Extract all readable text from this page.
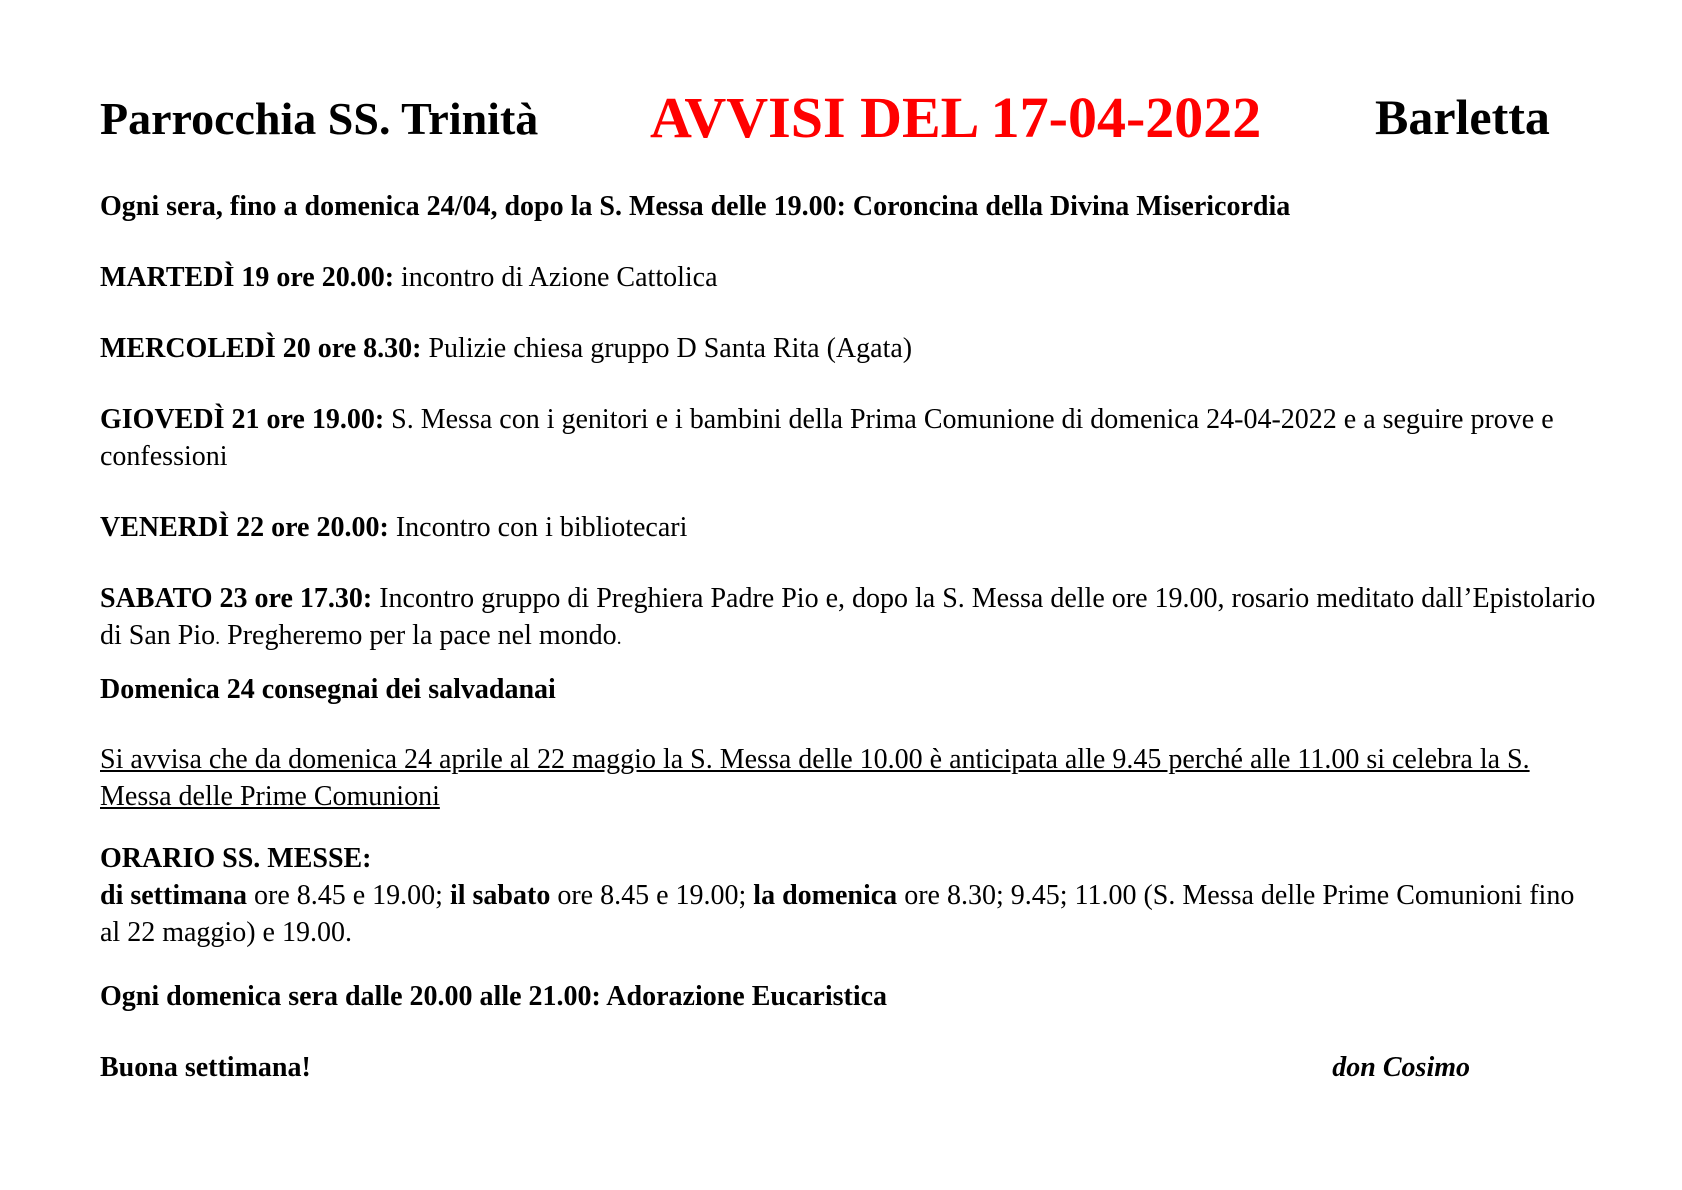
Parrocchia SS. Trinità AVVISI DEL 17-04-2022 Barletta

Ogni sera, fino a domenica 24/04, dopo la S. Messa delle 19.00: Coroncina della Divina Misericordia

MARTEDÌ 19 ore 20.00: incontro di Azione Cattolica

MERCOLEDÌ 20 ore 8.30: Pulizie chiesa gruppo D Santa Rita (Agata)

GIOVEDÌ 21 ore 19.00: S. Messa con i genitori e i bambini della Prima Comunione di domenica 24-04-2022 e a seguire prove e confessioni

VENERDÌ 22 ore 20.00: Incontro con i bibliotecari

SABATO 23 ore 17.30: Incontro gruppo di Preghiera Padre Pio e, dopo la S. Messa delle ore 19.00, rosario meditato dall’Epistolario di San Pio. Pregheremo per la pace nel mondo.

Domenica 24 consegnai dei salvadanai

Si avvisa che da domenica 24 aprile al 22 maggio la S. Messa delle 10.00 è anticipata alle 9.45 perché alle 11.00 si celebra la S. Messa delle Prime Comunioni

ORARIO SS. MESSE:

di settimana ore 8.45 e 19.00; il sabato ore 8.45 e 19.00; la domenica ore 8.30; 9.45; 11.00 (S. Messa delle Prime Comunioni fino al 22 maggio) e 19.00.

Ogni domenica sera dalle 20.00 alle 21.00: Adorazione Eucaristica

Buona settimana!	don Cosimo
